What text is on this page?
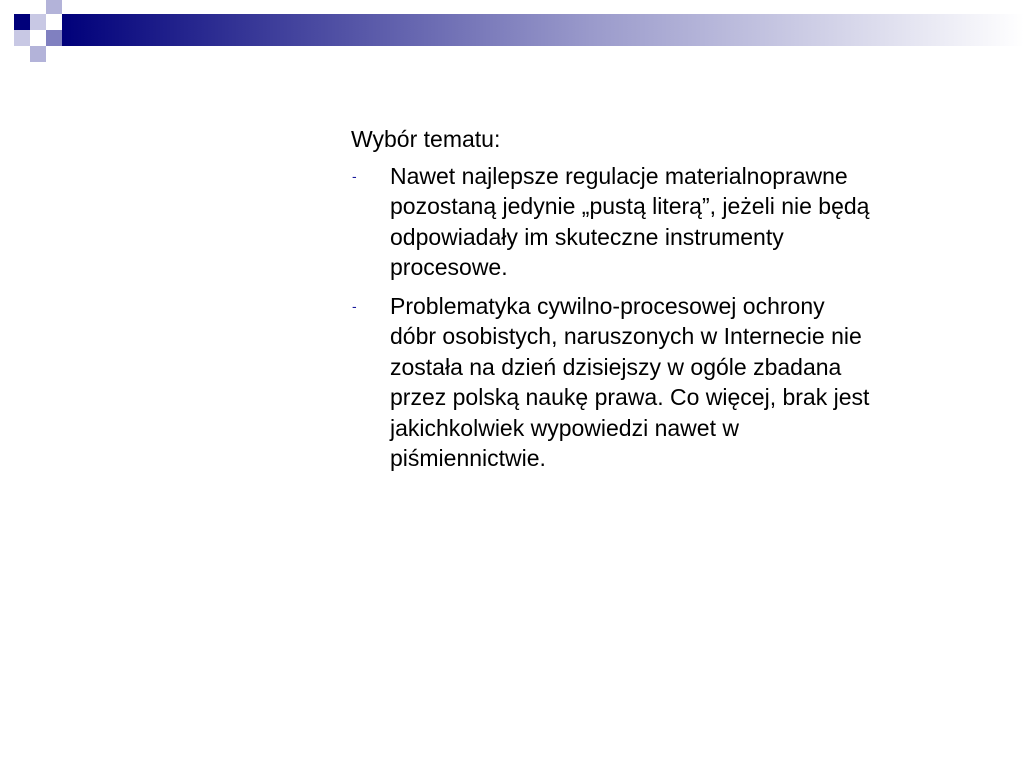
Wybór tematu:
- Nawet najlepsze regulacje materialnoprawne pozostaną jedynie „pustą literą”, jeżeli nie będą odpowiadały im skuteczne instrumenty procesowe.
- Problematyka cywilno-procesowej ochrony dóbr osobistych, naruszonych w Internecie nie została na dzień dzisiejszy w ogóle zbadana przez polską naukę prawa. Co więcej, brak jest jakichkolwiek wypowiedzi nawet w piśmiennictwie.
